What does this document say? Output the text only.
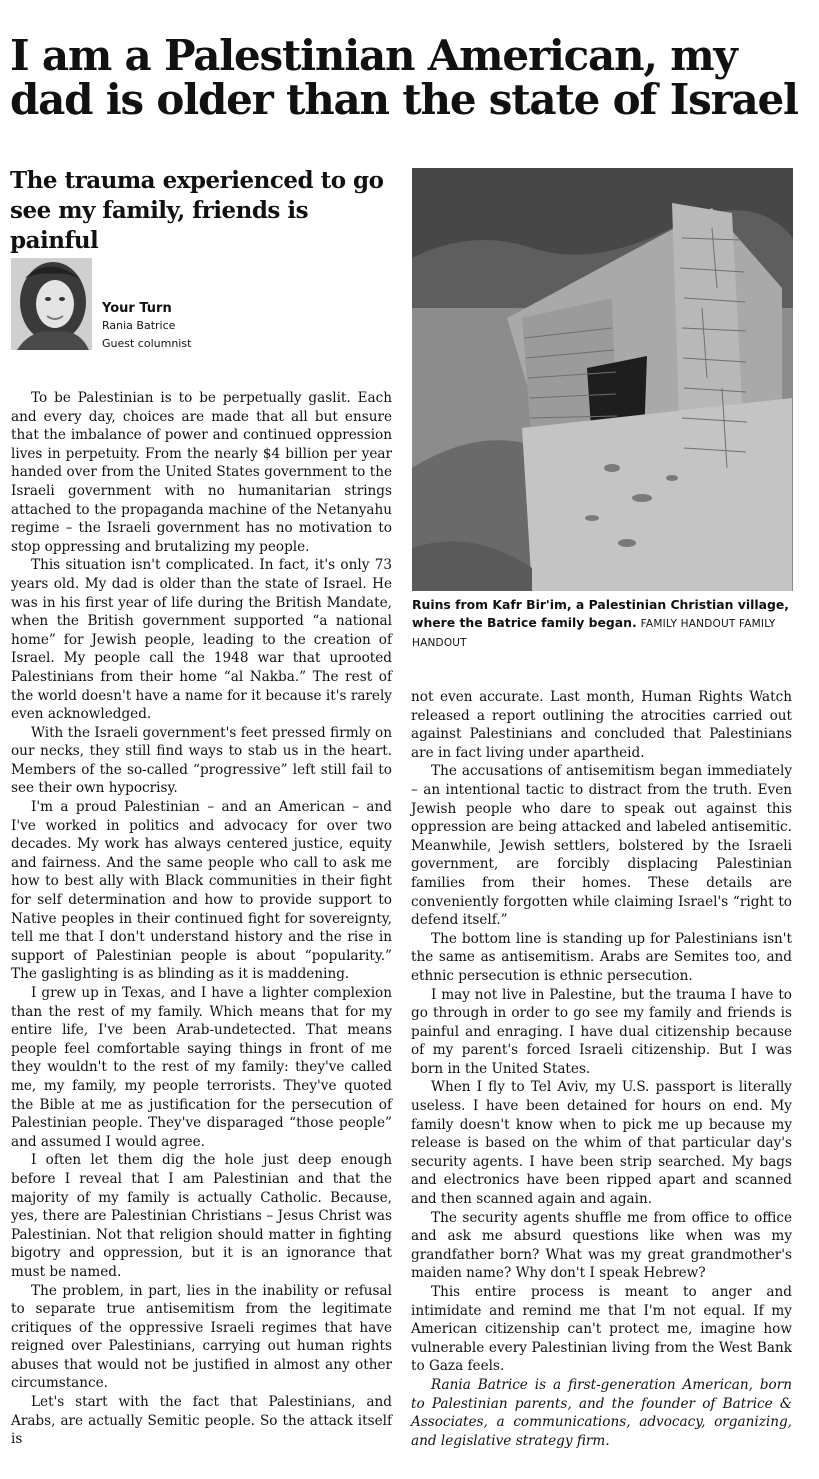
I am a Palestinian American, my dad is older than the state of Israel
The trauma experienced to go see my family, friends is painful
Your Turn
Rania Batrice
Guest columnist

To be Palestinian is to be perpetually gaslit. Each and every day, choices are made that all but ensure that the imbalance of power and continued oppression lives in perpetuity. From the nearly $4 billion per year handed over from the United States government to the Israeli government with no humanitarian strings attached to the propaganda machine of the Netanyahu regime – the Israeli government has no motivation to stop oppressing and brutalizing my people.

This situation isn't complicated. In fact, it's only 73 years old. My dad is older than the state of Israel. He was in his first year of life during the British Mandate, when the British government supported “a national home” for Jewish people, leading to the creation of Israel. My people call the 1948 war that uprooted Palestinians from their home “al Nakba.” The rest of the world doesn't have a name for it because it's rarely even acknowledged.

With the Israeli government's feet pressed firmly on our necks, they still find ways to stab us in the heart. Members of the so-called “progressive” left still fail to see their own hypocrisy.

I'm a proud Palestinian – and an American – and I've worked in politics and advocacy for over two decades. My work has always centered justice, equity and fairness. And the same people who call to ask me how to best ally with Black communities in their fight for self determination and how to provide support to Native peoples in their continued fight for sovereignty, tell me that I don't understand history and the rise in support of Palestinian people is about “popularity.” The gaslighting is as blinding as it is maddening.

I grew up in Texas, and I have a lighter complexion than the rest of my family. Which means that for my entire life, I've been Arab-undetected. That means people feel comfortable saying things in front of me they wouldn't to the rest of my family: they've called me, my family, my people terrorists. They've quoted the Bible at me as justification for the persecution of Palestinian people. They've disparaged “those people” and assumed I would agree.

I often let them dig the hole just deep enough before I reveal that I am Palestinian and that the majority of my family is actually Catholic. Because, yes, there are Palestinian Christians – Jesus Christ was Palestinian. Not that religion should matter in fighting bigotry and oppression, but it is an ignorance that must be named.

The problem, in part, lies in the inability or refusal to separate true antisemitism from the legitimate critiques of the oppressive Israeli regimes that have reigned over Palestinians, carrying out human rights abuses that would not be justified in almost any other circumstance.

Let's start with the fact that Palestinians, and Arabs, are actually Semitic people. So the attack itself is

Ruins from Kafr Bir'im, a Palestinian Christian village, where the Batrice family began. FAMILY HANDOUT FAMILY HANDOUT

not even accurate. Last month, Human Rights Watch released a report outlining the atrocities carried out against Palestinians and concluded that Palestinians are in fact living under apartheid.

The accusations of antisemitism began immediately – an intentional tactic to distract from the truth. Even Jewish people who dare to speak out against this oppression are being attacked and labeled antisemitic. Meanwhile, Jewish settlers, bolstered by the Israeli government, are forcibly displacing Palestinian families from their homes. These details are conveniently forgotten while claiming Israel's “right to defend itself.”

The bottom line is standing up for Palestinians isn't the same as antisemitism. Arabs are Semites too, and ethnic persecution is ethnic persecution.

I may not live in Palestine, but the trauma I have to go through in order to go see my family and friends is painful and enraging. I have dual citizenship because of my parent's forced Israeli citizenship. But I was born in the United States.

When I fly to Tel Aviv, my U.S. passport is literally useless. I have been detained for hours on end. My family doesn't know when to pick me up because my release is based on the whim of that particular day's security agents. I have been strip searched. My bags and electronics have been ripped apart and scanned and then scanned again and again.

The security agents shuffle me from office to office and ask me absurd questions like when was my grandfather born? What was my great grandmother's maiden name? Why don't I speak Hebrew?

This entire process is meant to anger and intimidate and remind me that I'm not equal. If my American citizenship can't protect me, imagine how vulnerable every Palestinian living from the West Bank to Gaza feels.

Rania Batrice is a first-generation American, born to Palestinian parents, and the founder of Batrice & Associates, a communications, advocacy, organizing, and legislative strategy firm.
